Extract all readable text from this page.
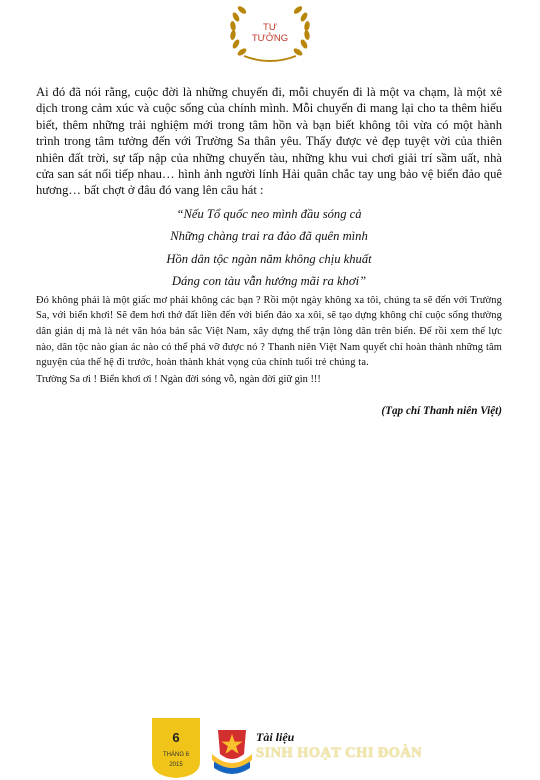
TƯ
TƯỞNG

Ai đó đã nói rằng, cuộc đời là những chuyến đi, mỗi chuyến đi là một va chạm, là một xê dịch trong cảm xúc và cuộc sống của chính mình. Mỗi chuyến đi mang lại cho ta thêm hiểu biết, thêm những trải nghiệm mới trong tâm hồn và bạn biết không tôi vừa có một hành trình trong tâm tưởng đến với Trường Sa thân yêu. Thấy được vẻ đẹp tuyệt vời của thiên nhiên đất trời, sự tấp nập của những chuyến tàu, những khu vui chơi giải trí sầm uất, nhà cửa san sát nối tiếp nhau… hình ảnh người lính Hải quân chắc tay ung bảo vệ biển đảo quê hương… bất chợt ở đâu đó vang lên câu hát :

“Nếu Tổ quốc neo mình đầu sóng cả

Những chàng trai ra đảo đã quên mình

Hồn dân tộc ngàn năm không chịu khuất

Dáng con tàu vẫn hướng mãi ra khơi”

Đó không phải là một giấc mơ phải không các bạn ? Rồi một ngày không xa tôi, chúng ta sẽ đến với Trường Sa, với biển khơi! Sẽ đem hơi thở đất liền đến với biển đảo xa xôi, sẽ tạo dựng không chỉ cuộc sống thường dân giản dị mà là nét văn hóa bản sắc Việt Nam, xây dựng thế trận lòng dân trên biển. Để rồi xem thế lực nào, dân tộc nào gian ác nào có thể phá vỡ được nó ? Thanh niên Việt Nam quyết chí hoàn thành những tâm nguyện của thế hệ đi trước, hoàn thành khát vọng của chính tuổi trẻ chúng ta.

Trường Sa ơi ! Biển khơi ơi ! Ngàn đời sóng vỗ, ngàn đời giữ gìn !!!

(Tạp chí Thanh niên Việt)

6
THÁNG 6
2015
Tài liệu
SINH HOẠT CHI ĐOÀN
